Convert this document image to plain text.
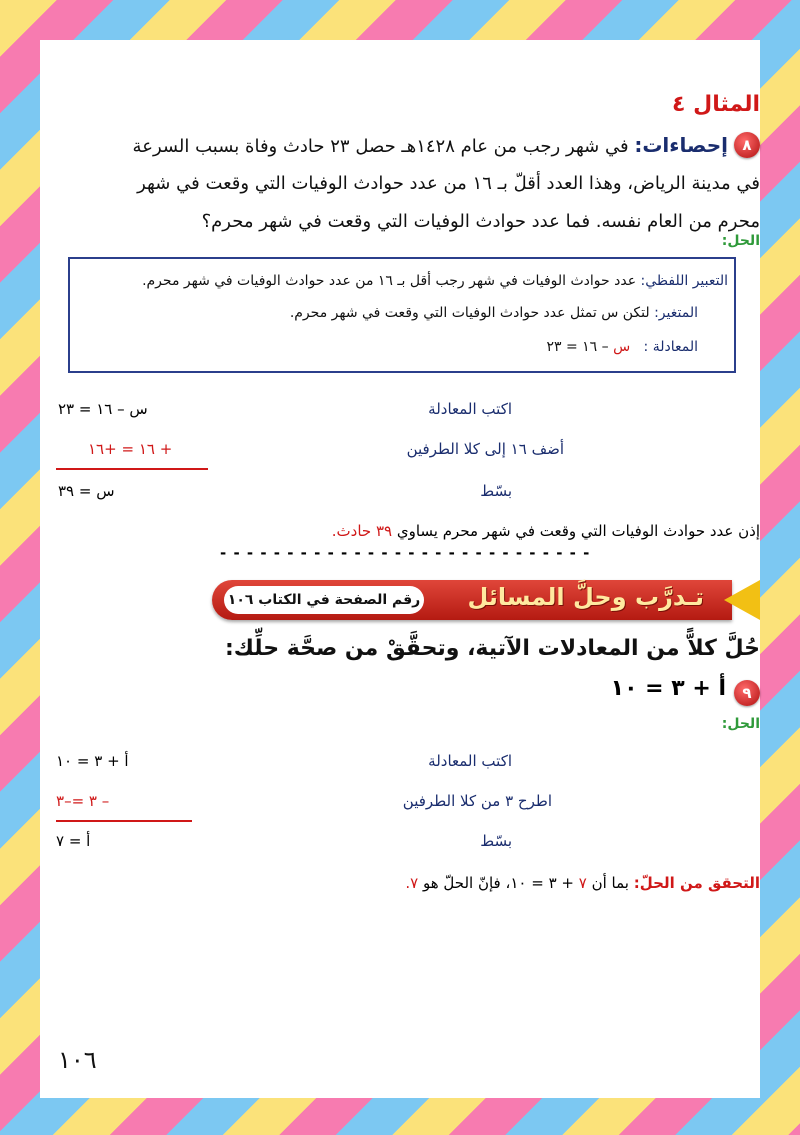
المثال ٤
٨
إحصاءات: في شهر رجب من عام ١٤٢٨هـ حصل ٢٣ حادث وفاة بسبب السرعة
في مدينة الرياض، وهذا العدد أقلّ بـ ١٦ من عدد حوادث الوفيات التي وقعت في شهر
محرم من العام نفسه. فما عدد حوادث الوفيات التي وقعت في شهر محرم؟
الحل:
التعبير اللفظي: عدد حوادث الوفيات في شهر رجب أقل بـ ١٦ من عدد حوادث الوفيات في شهر محرم.
المتغير: لتكن س تمثل عدد حوادث الوفيات التي وقعت في شهر محرم.
المعادلة :   س – ١٦ = ٢٣
س – ١٦ = ٢٣	اكتب المعادلة
+ ١٦ = +١٦	أضف ١٦ إلى كلا الطرفين
س = ٣٩	بسّط
إذن عدد حوادث الوفيات التي وقعت في شهر محرم يساوي ٣٩ حادث.
- - - - - - - - - - - - - - - - - - - - - - - - - - - -
تـدرَّب وحلَّ المسائل
رقم الصفحة في الكتاب ١٠٦
حُلَّ كلاًّ من المعادلات الآتية، وتحقَّقْ من صحَّة حلِّك:
٩
أ + ٣ = ١٠
الحل:
أ + ٣ = ١٠	اكتب المعادلة
– ٣ =–٣	اطرح ٣ من كلا الطرفين
أ = ٧	بسّط
التحقق من الحلّ: بما أن ٧ + ٣ = ١٠، فإنّ الحلّ هو ٧.
١٠٦
